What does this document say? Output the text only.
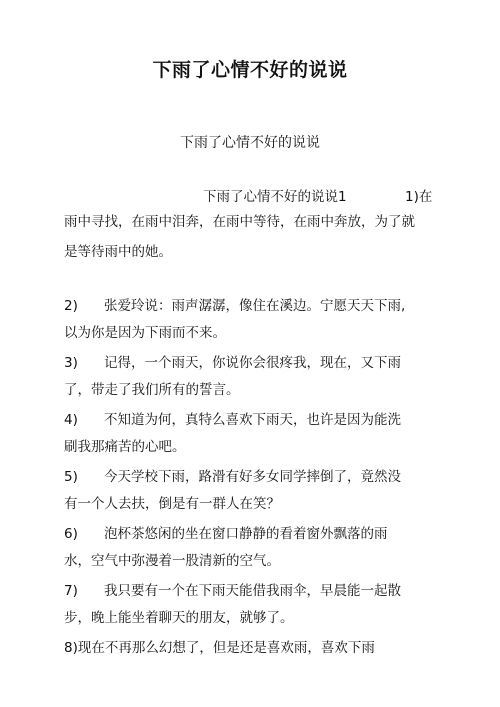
下雨了心情不好的说说
下雨了心情不好的说说
下雨了心情不好的说说1	1)在
雨中寻找，在雨中泪奔，在雨中等待，在雨中奔放，为了就
是等待雨中的她。
2) 张爱玲说：雨声潺潺，像住在溪边。宁愿天天下雨,
以为你是因为下雨而不来。
3) 记得，一个雨天，你说你会很疼我，现在，又下雨
了，带走了我们所有的誓言。
4) 不知道为何，真特么喜欢下雨天，也许是因为能洗
刷我那痛苦的心吧。
5) 今天学校下雨，路滑有好多女同学摔倒了，竟然没
有一个人去扶，倒是有一群人在笑？
6) 泡杯茶悠闲的坐在窗口静静的看着窗外飘落的雨
水，空气中弥漫着一股清新的空气。
7) 我只要有一个在下雨天能借我雨伞，早晨能一起散
步，晚上能坐着聊天的朋友，就够了。
8)现在不再那么幻想了，但是还是喜欢雨，喜欢下雨
